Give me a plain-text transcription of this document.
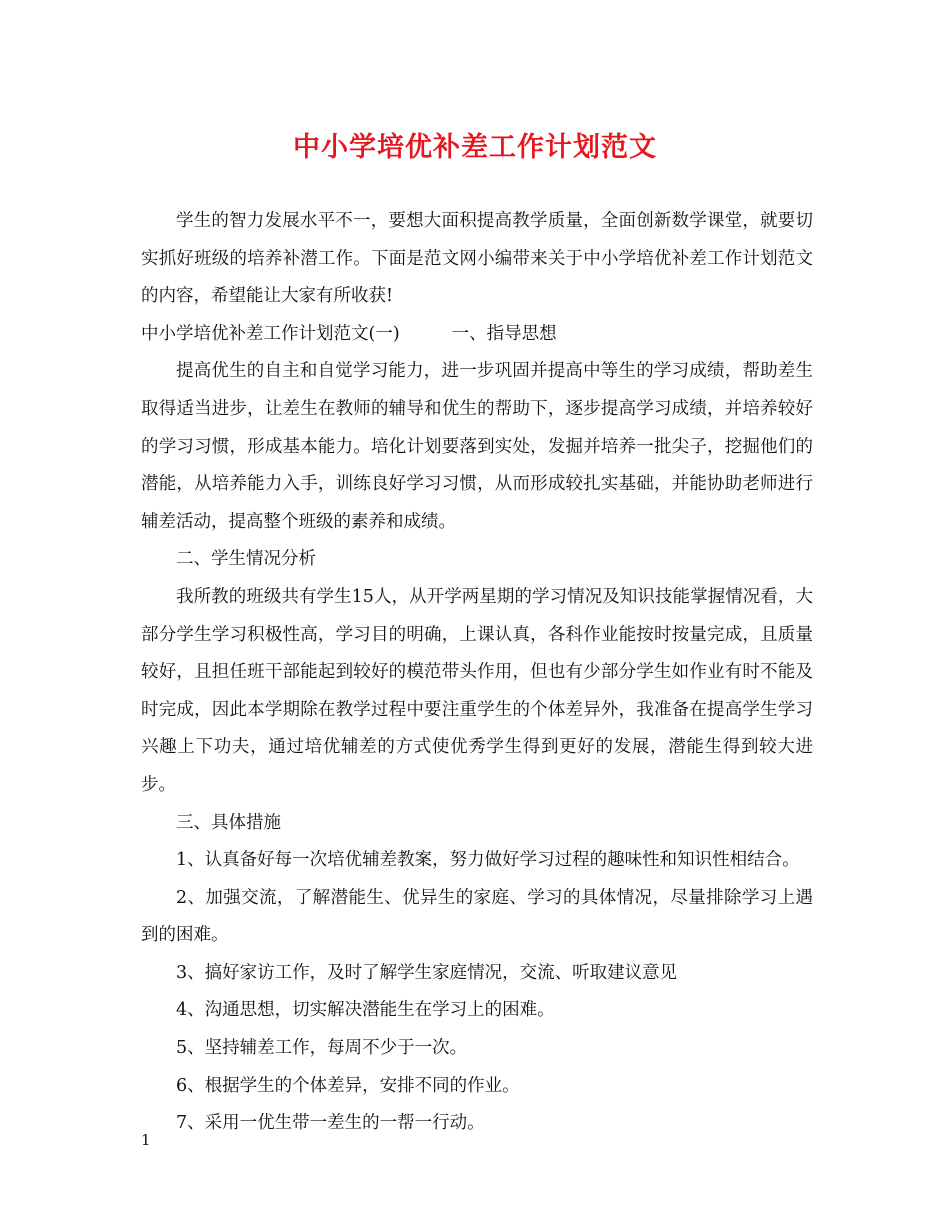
中小学培优补差工作计划范文

学生的智力发展水平不一，要想大面积提高教学质量，全面创新数学课堂，就要切实抓好班级的培养补潜工作。下面是范文网小编带来关于中小学培优补差工作计划范文的内容，希望能让大家有所收获!

中小学培优补差工作计划范文(一)	一、指导思想

提高优生的自主和自觉学习能力，进一步巩固并提高中等生的学习成绩，帮助差生取得适当进步，让差生在教师的辅导和优生的帮助下，逐步提高学习成绩，并培养较好的学习习惯，形成基本能力。培化计划要落到实处，发掘并培养一批尖子，挖掘他们的潜能，从培养能力入手，训练良好学习习惯，从而形成较扎实基础，并能协助老师进行辅差活动，提高整个班级的素养和成绩。

二、学生情况分析

我所教的班级共有学生15人，从开学两星期的学习情况及知识技能掌握情况看，大部分学生学习积极性高，学习目的明确，上课认真，各科作业能按时按量完成，且质量较好，且担任班干部能起到较好的模范带头作用，但也有少部分学生如作业有时不能及时完成，因此本学期除在教学过程中要注重学生的个体差异外，我准备在提高学生学习兴趣上下功夫，通过培优辅差的方式使优秀学生得到更好的发展，潜能生得到较大进步。

三、具体措施

1、认真备好每一次培优辅差教案，努力做好学习过程的趣味性和知识性相结合。

2、加强交流，了解潜能生、优异生的家庭、学习的具体情况，尽量排除学习上遇到的困难。

3、搞好家访工作，及时了解学生家庭情况，交流、听取建议意见

4、沟通思想，切实解决潜能生在学习上的困难。

5、坚持辅差工作，每周不少于一次。

6、根据学生的个体差异，安排不同的作业。

7、采用一优生带一差生的一帮一行动。

1
